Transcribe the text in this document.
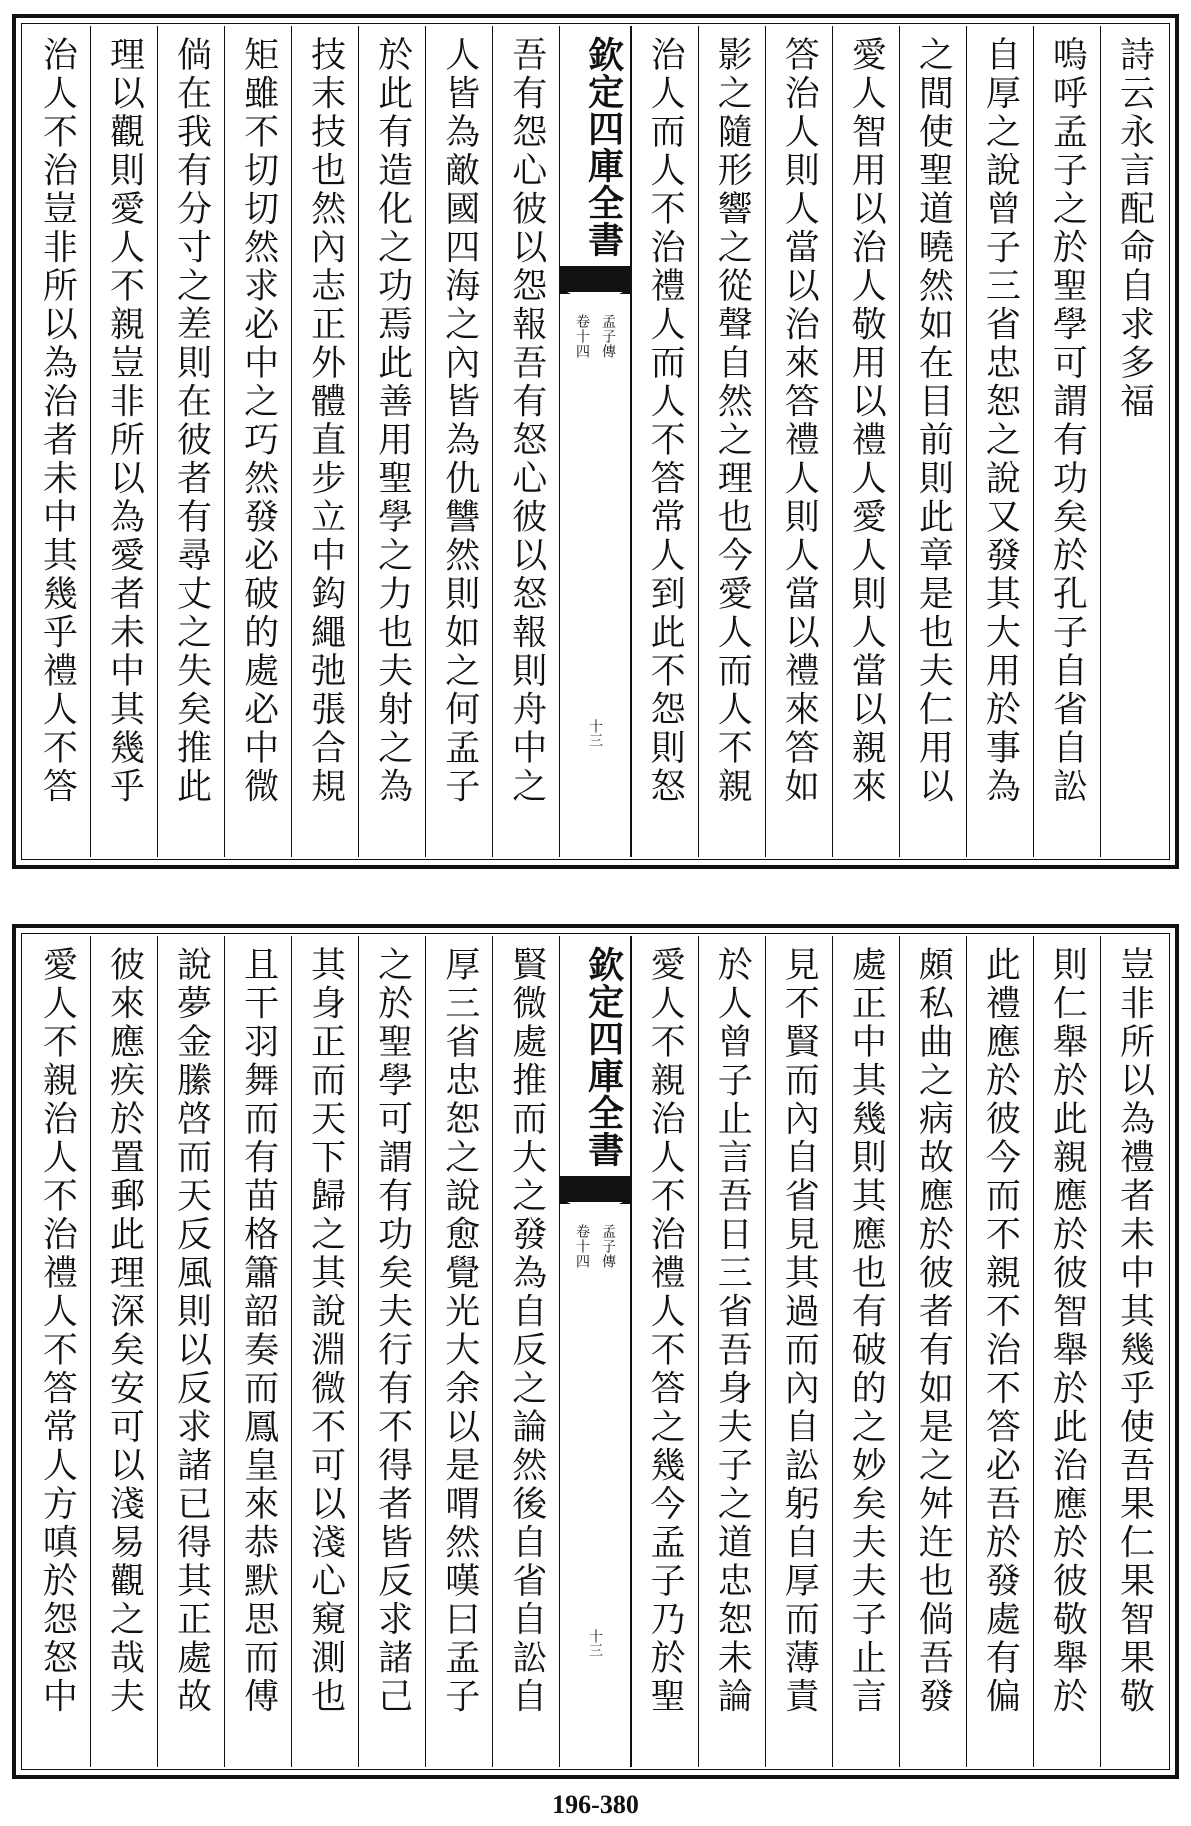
詩云永言配命自求多福
嗚呼孟子之於聖學可謂有功矣於孔子自省自訟
自厚之說曾子三省忠恕之說又發其大用於事為
之間使聖道曉然如在目前則此章是也夫仁用以
愛人智用以治人敬用以禮人愛人則人當以親來
答治人則人當以治來答禮人則人當以禮來答如
影之隨形響之從聲自然之理也今愛人而人不親
治人而人不治禮人而人不答常人到此不怨則怒
欽定四庫全書
孟子傳
卷十四
十三
吾有怨心彼以怨報吾有怒心彼以怒報則舟中之
人皆為敵國四海之內皆為仇讐然則如之何孟子
於此有造化之功焉此善用聖學之力也夫射之為
技末技也然內志正外體直步立中鈎繩弛張合規
矩雖不切切然求必中之巧然發必破的處必中微
倘在我有分寸之差則在彼者有尋丈之失矣推此
理以觀則愛人不親豈非所以為愛者未中其幾乎
治人不治豈非所以為治者未中其幾乎禮人不答
豈非所以為禮者未中其幾乎使吾果仁果智果敬
則仁舉於此親應於彼智舉於此治應於彼敬舉於
此禮應於彼今而不親不治不答必吾於發處有偏
頗私曲之病故應於彼者有如是之舛迕也倘吾發
處正中其幾則其應也有破的之妙矣夫夫子止言
見不賢而內自省見其過而內自訟躬自厚而薄責
於人曾子止言吾日三省吾身夫子之道忠恕未論
愛人不親治人不治禮人不答之幾今孟子乃於聖
欽定四庫全書
孟子傳
卷十四
十三
賢微處推而大之發為自反之論然後自省自訟自
厚三省忠恕之說愈覺光大余以是喟然嘆曰孟子
之於聖學可謂有功矣夫行有不得者皆反求諸己
其身正而天下歸之其說淵微不可以淺心窺測也
且干羽舞而有苗格簫韶奏而鳳皇來恭默思而傅
說夢金縢啓而天反風則以反求諸已得其正處故
彼來應疾於置郵此理深矣安可以淺易觀之哉夫
愛人不親治人不治禮人不答常人方嗔於怨怒中
196-380
